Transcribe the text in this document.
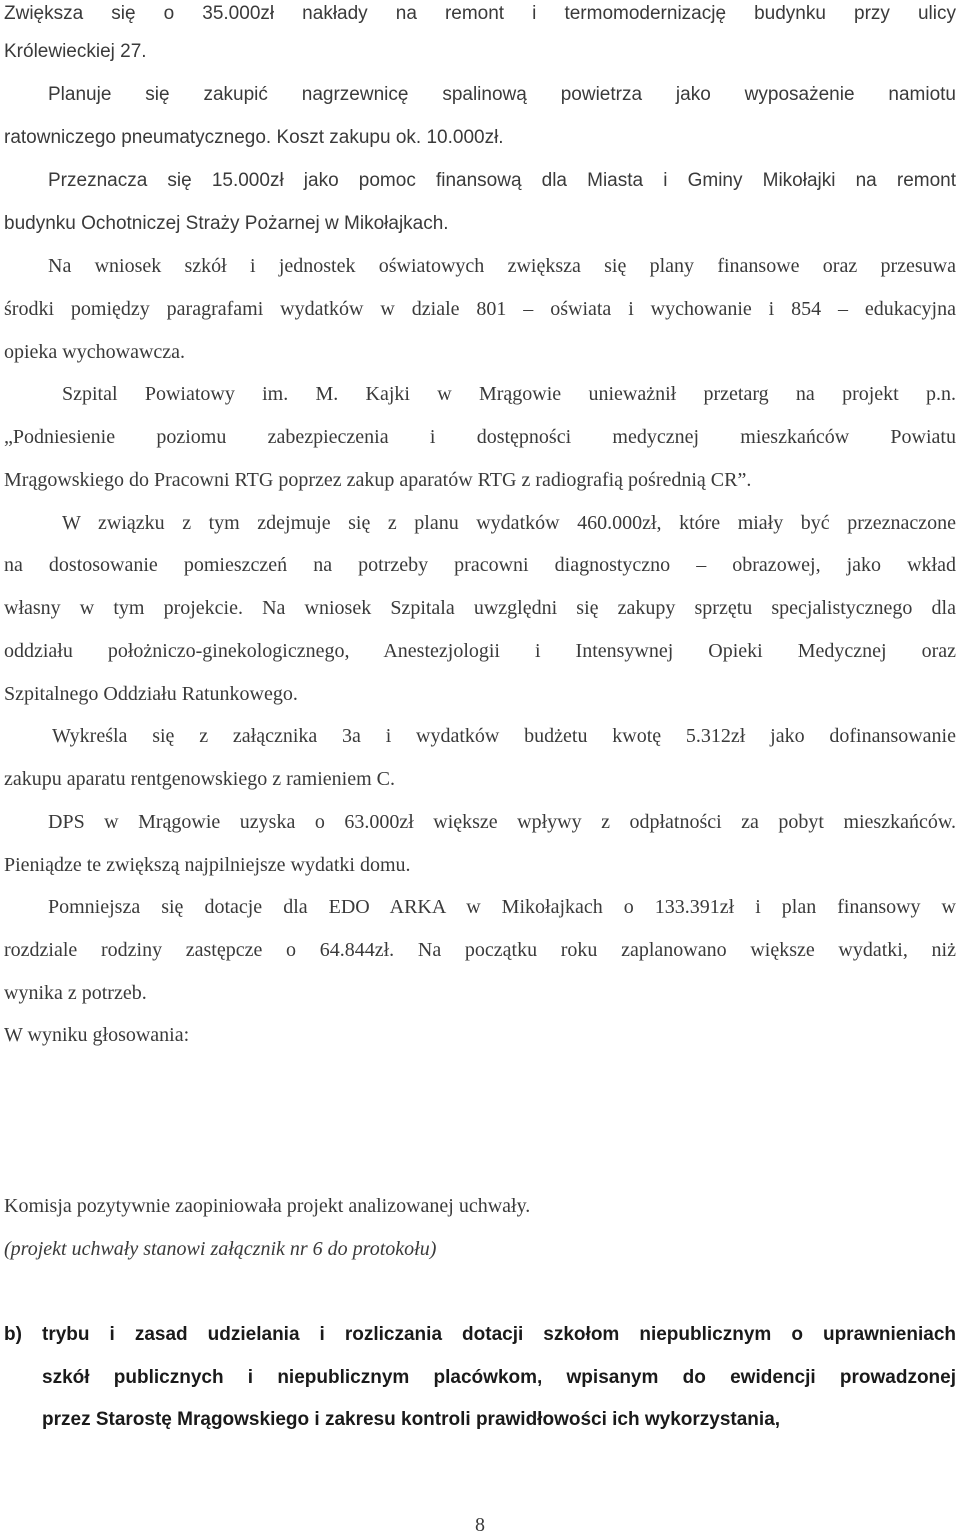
Zwiększa się o 35.000zł nakłady na remont i termomodernizację budynku przy ulicy
Królewieckiej 27.
Planuje się zakupić nagrzewnicę spalinową powietrza jako wyposażenie namiotu
ratowniczego pneumatycznego. Koszt zakupu ok. 10.000zł.
Przeznacza się 15.000zł jako pomoc finansową dla Miasta i Gminy Mikołajki na remont
budynku Ochotniczej Straży Pożarnej w Mikołajkach.
Na wniosek szkół i jednostek oświatowych zwiększa się plany finansowe oraz przesuwa
środki pomiędzy paragrafami wydatków w dziale 801 – oświata i wychowanie i 854 – edukacyjna
opieka wychowawcza.
Szpital Powiatowy im. M. Kajki w Mrągowie unieważnił przetarg na projekt p.n.
„Podniesienie poziomu zabezpieczenia i dostępności medycznej mieszkańców Powiatu
Mrągowskiego do Pracowni RTG poprzez zakup aparatów RTG z radiografią pośrednią CR”.
W związku z tym zdejmuje się z planu wydatków 460.000zł, które miały być przeznaczone
na dostosowanie pomieszczeń na potrzeby pracowni diagnostyczno – obrazowej, jako wkład
własny w tym projekcie. Na wniosek Szpitala uwzględni się zakupy sprzętu specjalistycznego dla
oddziału położniczo-ginekologicznego, Anestezjologii i Intensywnej Opieki Medycznej oraz
Szpitalnego Oddziału Ratunkowego.
Wykreśla się z załącznika 3a i wydatków budżetu kwotę 5.312zł jako dofinansowanie
zakupu aparatu rentgenowskiego z ramieniem C.
DPS w Mrągowie uzyska o 63.000zł większe wpływy z odpłatności za pobyt mieszkańców.
Pieniądze te zwiększą najpilniejsze wydatki domu.
Pomniejsza się dotacje dla EDO ARKA w Mikołajkach o 133.391zł i plan finansowy w
rozdziale rodziny zastępcze o 64.844zł. Na początku roku zaplanowano większe wydatki, niż
wynika z potrzeb.
W wyniku głosowania:
Komisja pozytywnie zaopiniowała projekt analizowanej uchwały.
(projekt uchwały stanowi załącznik nr 6 do protokołu)
b)	trybu i zasad udzielania i rozliczania dotacji szkołom niepublicznym o uprawnieniach
szkół publicznych i niepublicznym placówkom, wpisanym do ewidencji prowadzonej
przez Starostę Mrągowskiego i zakresu kontroli prawidłowości ich wykorzystania,
8
